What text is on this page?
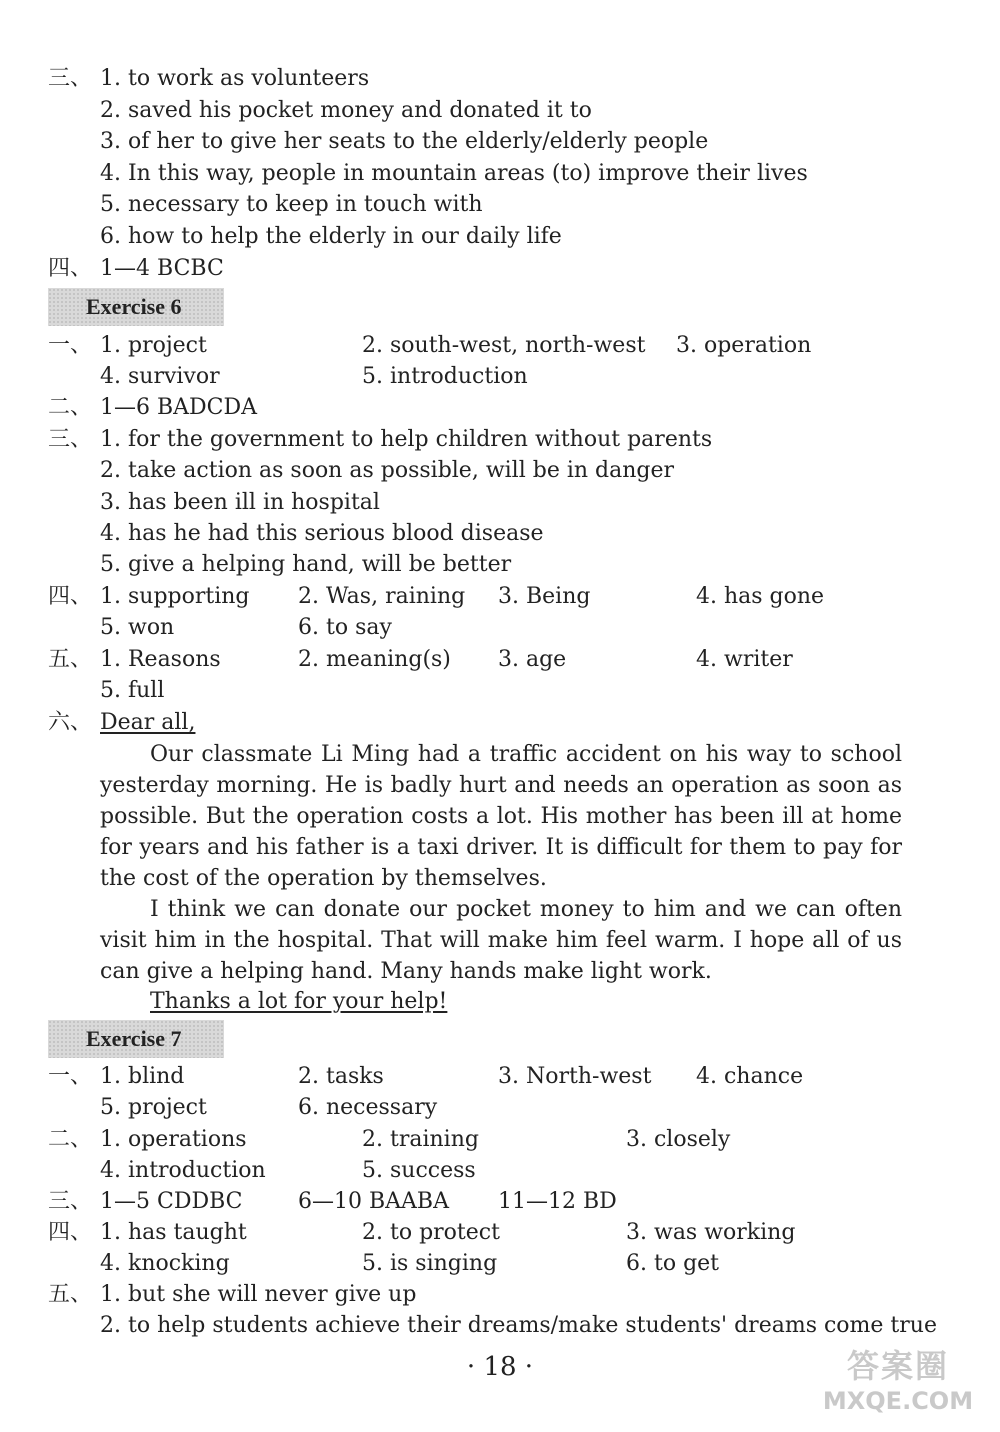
三、 1. to work as volunteers
2. saved his pocket money and donated it to
3. of her to give her seats to the elderly/elderly people
4. In this way, people in mountain areas (to) improve their lives
5. necessary to keep in touch with
6. how to help the elderly in our daily life
四、 1—4 BCBC
Exercise 6
一、 1. project	2. south-west, north-west 3. operation
4. survivor	5. introduction
二、 1—6 BADCDA
三、 1. for the government to help children without parents
2. take action as soon as possible, will be in danger
3. has been ill in hospital
4. has he had this serious blood disease
5. give a helping hand, will be better
四、 1. supporting 2. Was, raining 3. Being	4. has gone
5. won	6. to say
五、 1. Reasons	2. meaning(s) 3. age	4. writer
5. full
六、 Dear all,

Our classmate Li Ming had a traffic accident on his way to school yesterday morning. He is badly hurt and needs an operation as soon as possible. But the operation costs a lot. His mother has been ill at home for years and his father is a taxi driver. It is difficult for them to pay for the cost of the operation by themselves.

I think we can donate our pocket money to him and we can often visit him in the hospital. That will make him feel warm. I hope all of us can give a helping hand. Many hands make light work.

Thanks a lot for your help!
Exercise 7
一、 1. blind	2. tasks	3. North-west 4. chance
5. project	6. necessary
二、 1. operations	2. training	3. closely
4. introduction	5. success
三、 1—5 CDDBC	6—10 BAABA 11—12 BD
四、 1. has taught	2. to protect	3. was working
4. knocking	5. is singing	6. to get
五、 1. but she will never give up
2. to help students achieve their dreams/make students' dreams come true
· 18 ·	答案圈
MXQE.COM
